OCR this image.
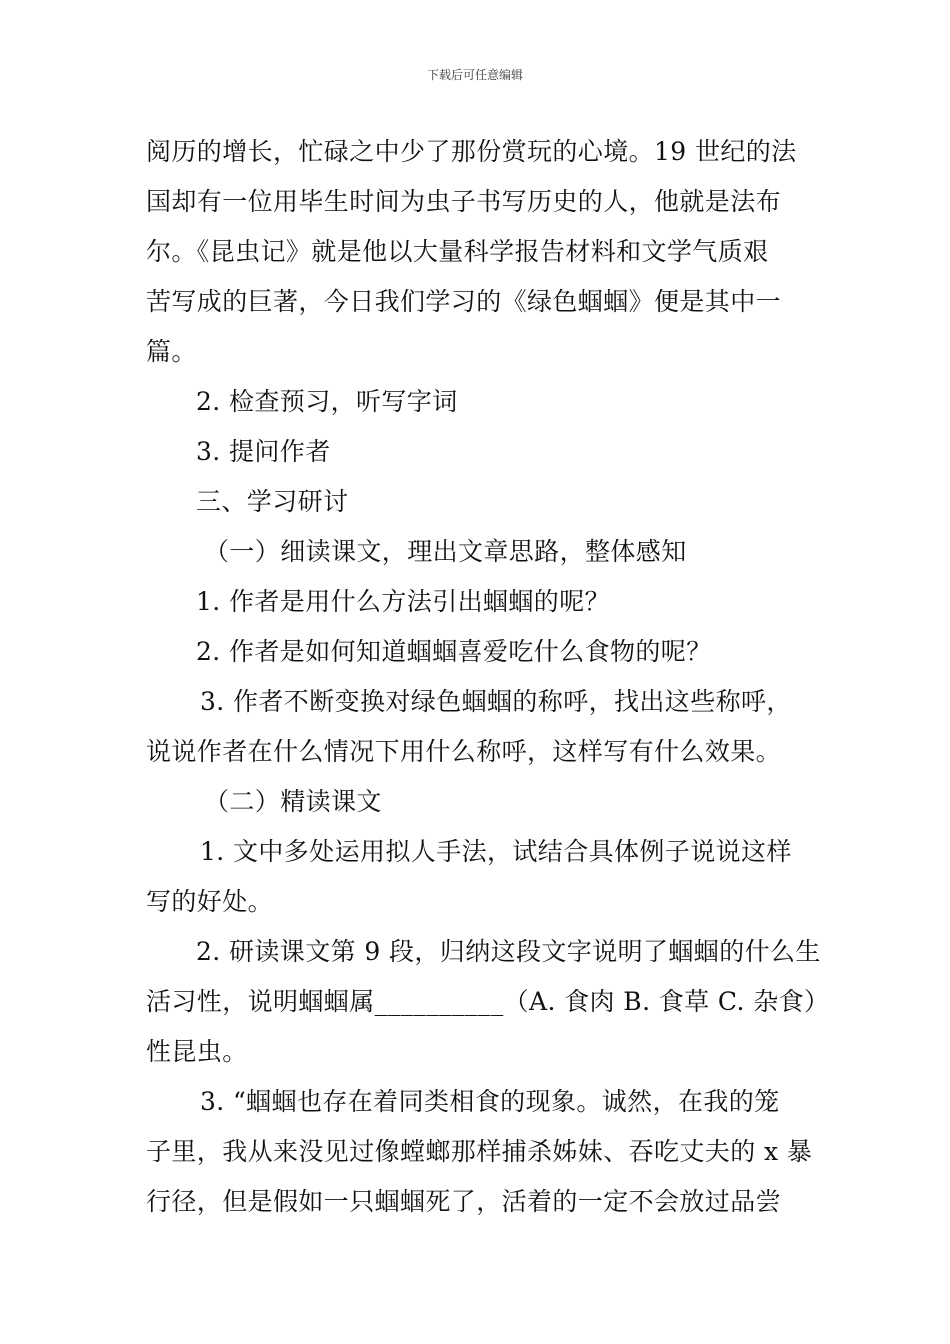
下载后可任意编辑
阅历的增长，忙碌之中少了那份赏玩的心境。19 世纪的法
国却有一位用毕生时间为虫子书写历史的人，他就是法布
尔。《昆虫记》就是他以大量科学报告材料和文学气质艰
苦写成的巨著，今日我们学习的《绿色蝈蝈》便是其中一
篇。
2. 检查预习，听写字词
3. 提问作者
三、学习研讨
（一）细读课文，理出文章思路，整体感知
1. 作者是用什么方法引出蝈蝈的呢？
2. 作者是如何知道蝈蝈喜爱吃什么食物的呢？
3. 作者不断变换对绿色蝈蝈的称呼，找出这些称呼，
说说作者在什么情况下用什么称呼，这样写有什么效果。
（二）精读课文
1. 文中多处运用拟人手法，试结合具体例子说说这样
写的好处。
2. 研读课文第 9 段，归纳这段文字说明了蝈蝈的什么生
活习性，说明蝈蝈属__________（A. 食肉 B. 食草 C. 杂食）
性昆虫。
3. “蝈蝈也存在着同类相食的现象。诚然，在我的笼
子里，我从来没见过像螳螂那样捕杀姊妹、吞吃丈夫的 x 暴
行径，但是假如一只蝈蝈死了，活着的一定不会放过品尝
